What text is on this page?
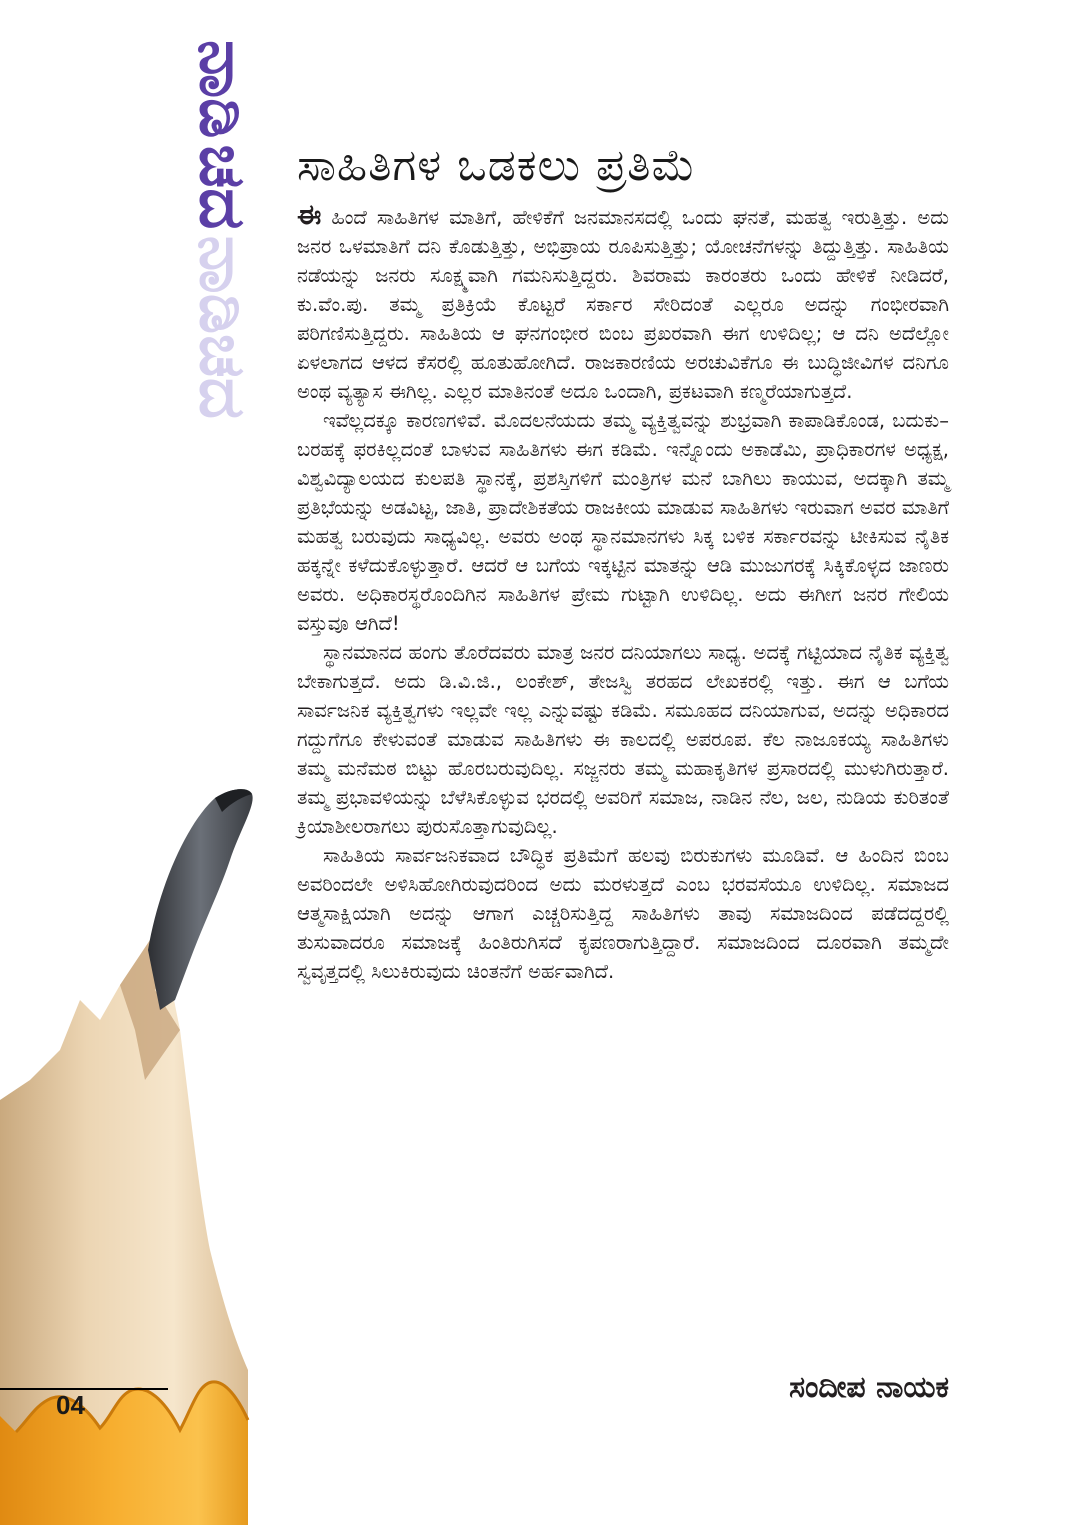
ನಾಡಿ
ಚದ
ನಾಡಿಚದ
04
ಸಾಹಿತಿಗಳ ಒಡಕಲು ಪ್ರತಿಮೆ

ಈ ಹಿಂದೆ ಸಾಹಿತಿಗಳ ಮಾತಿಗೆ, ಹೇಳಿಕೆಗೆ ಜನಮಾನಸದಲ್ಲಿ ಒಂದು ಘನತೆ, ಮಹತ್ವ ಇರುತ್ತಿತ್ತು. ಅದು ಜನರ ಒಳಮಾತಿಗೆ ದನಿ ಕೊಡುತ್ತಿತ್ತು, ಅಭಿಪ್ರಾಯ ರೂಪಿಸುತ್ತಿತ್ತು; ಯೋಚನೆಗಳನ್ನು ತಿದ್ದುತ್ತಿತ್ತು. ಸಾಹಿತಿಯ ನಡೆಯನ್ನು ಜನರು ಸೂಕ್ಷ್ಮವಾಗಿ ಗಮನಿಸುತ್ತಿದ್ದರು. ಶಿವರಾಮ ಕಾರಂತರು ಒಂದು ಹೇಳಿಕೆ ನೀಡಿದರೆ, ಕು.ವೆಂ.ಪು. ತಮ್ಮ ಪ್ರತಿಕ್ರಿಯೆ ಕೊಟ್ಟರೆ ಸರ್ಕಾರ ಸೇರಿದಂತೆ ಎಲ್ಲರೂ ಅದನ್ನು ಗಂಭೀರವಾಗಿ ಪರಿಗಣಿಸುತ್ತಿದ್ದರು. ಸಾಹಿತಿಯ ಆ ಘನಗಂಭೀರ ಬಿಂಬ ಪ್ರಖರವಾಗಿ ಈಗ ಉಳಿದಿಲ್ಲ; ಆ ದನಿ ಅದೆಲ್ಲೋ ಏಳಲಾಗದ ಆಳದ ಕೆಸರಲ್ಲಿ ಹೂತುಹೋಗಿದೆ. ರಾಜಕಾರಣಿಯ ಅರಚುವಿಕೆಗೂ ಈ ಬುದ್ಧಿಜೀವಿಗಳ ದನಿಗೂ ಅಂಥ ವ್ಯತ್ಯಾಸ ಈಗಿಲ್ಲ. ಎಲ್ಲರ ಮಾತಿನಂತೆ ಅದೂ ಒಂದಾಗಿ, ಪ್ರಕಟವಾಗಿ ಕಣ್ಮರೆಯಾಗುತ್ತದೆ.

ಇವೆಲ್ಲದಕ್ಕೂ ಕಾರಣಗಳಿವೆ. ಮೊದಲನೆಯದು ತಮ್ಮ ವ್ಯಕ್ತಿತ್ವವನ್ನು ಶುಭ್ರವಾಗಿ ಕಾಪಾಡಿಕೊಂಡ, ಬದುಕು–ಬರಹಕ್ಕೆ ಫರಕಿಲ್ಲದಂತೆ ಬಾಳುವ ಸಾಹಿತಿಗಳು ಈಗ ಕಡಿಮೆ. ಇನ್ನೊಂದು ಅಕಾಡೆಮಿ, ಪ್ರಾಧಿಕಾರಗಳ ಅಧ್ಯಕ್ಷ, ವಿಶ್ವವಿದ್ಯಾಲಯದ ಕುಲಪತಿ ಸ್ಥಾನಕ್ಕೆ, ಪ್ರಶಸ್ತಿಗಳಿಗೆ ಮಂತ್ರಿಗಳ ಮನೆ ಬಾಗಿಲು ಕಾಯುವ, ಅದಕ್ಕಾಗಿ ತಮ್ಮ ಪ್ರತಿಭೆಯನ್ನು ಅಡವಿಟ್ಟ, ಜಾತಿ, ಪ್ರಾದೇಶಿಕತೆಯ ರಾಜಕೀಯ ಮಾಡುವ ಸಾಹಿತಿಗಳು ಇರುವಾಗ ಅವರ ಮಾತಿಗೆ ಮಹತ್ವ ಬರುವುದು ಸಾಧ್ಯವಿಲ್ಲ. ಅವರು ಅಂಥ ಸ್ಥಾನಮಾನಗಳು ಸಿಕ್ಕ ಬಳಿಕ ಸರ್ಕಾರವನ್ನು ಟೀಕಿಸುವ ನೈತಿಕ ಹಕ್ಕನ್ನೇ ಕಳೆದುಕೊಳ್ಳುತ್ತಾರೆ. ಆದರೆ ಆ ಬಗೆಯ ಇಕ್ಕಟ್ಟಿನ ಮಾತನ್ನು ಆಡಿ ಮುಜುಗರಕ್ಕೆ ಸಿಕ್ಕಿಕೊಳ್ಳದ ಜಾಣರು ಅವರು. ಅಧಿಕಾರಸ್ಥರೊಂದಿಗಿನ ಸಾಹಿತಿಗಳ ಪ್ರೇಮ ಗುಟ್ಟಾಗಿ ಉಳಿದಿಲ್ಲ. ಅದು ಈಗೀಗ ಜನರ ಗೇಲಿಯ ವಸ್ತುವೂ ಆಗಿದೆ!

ಸ್ಥಾನಮಾನದ ಹಂಗು ತೊರೆದವರು ಮಾತ್ರ ಜನರ ದನಿಯಾಗಲು ಸಾಧ್ಯ. ಅದಕ್ಕೆ ಗಟ್ಟಿಯಾದ ನೈತಿಕ ವ್ಯಕ್ತಿತ್ವ ಬೇಕಾಗುತ್ತದೆ. ಅದು ಡಿ.ವಿ.ಜಿ., ಲಂಕೇಶ್, ತೇಜಸ್ವಿ ತರಹದ ಲೇಖಕರಲ್ಲಿ ಇತ್ತು. ಈಗ ಆ ಬಗೆಯ ಸಾರ್ವಜನಿಕ ವ್ಯಕ್ತಿತ್ವಗಳು ಇಲ್ಲವೇ ಇಲ್ಲ ಎನ್ನುವಷ್ಟು ಕಡಿಮೆ. ಸಮೂಹದ ದನಿಯಾಗುವ, ಅದನ್ನು ಅಧಿಕಾರದ ಗದ್ದುಗೆಗೂ ಕೇಳುವಂತೆ ಮಾಡುವ ಸಾಹಿತಿಗಳು ಈ ಕಾಲದಲ್ಲಿ ಅಪರೂಪ. ಕೆಲ ನಾಜೂಕಯ್ಯ ಸಾಹಿತಿಗಳು ತಮ್ಮ ಮನೆಮಠ ಬಿಟ್ಟು ಹೊರಬರುವುದಿಲ್ಲ. ಸಜ್ಜನರು ತಮ್ಮ ಮಹಾಕೃತಿಗಳ ಪ್ರಸಾರದಲ್ಲಿ ಮುಳುಗಿರುತ್ತಾರೆ. ತಮ್ಮ ಪ್ರಭಾವಳಿಯನ್ನು ಬೆಳೆಸಿಕೊಳ್ಳುವ ಭರದಲ್ಲಿ ಅವರಿಗೆ ಸಮಾಜ, ನಾಡಿನ ನೆಲ, ಜಲ, ನುಡಿಯ ಕುರಿತಂತೆ ಕ್ರಿಯಾಶೀಲರಾಗಲು ಪುರುಸೊತ್ತಾಗುವುದಿಲ್ಲ.

ಸಾಹಿತಿಯ ಸಾರ್ವಜನಿಕವಾದ ಬೌದ್ಧಿಕ ಪ್ರತಿಮೆಗೆ ಹಲವು ಬಿರುಕುಗಳು ಮೂಡಿವೆ. ಆ ಹಿಂದಿನ ಬಿಂಬ ಅವರಿಂದಲೇ ಅಳಿಸಿಹೋಗಿರುವುದರಿಂದ ಅದು ಮರಳುತ್ತದೆ ಎಂಬ ಭರವಸೆಯೂ ಉಳಿದಿಲ್ಲ. ಸಮಾಜದ ಆತ್ಮಸಾಕ್ಷಿಯಾಗಿ ಅದನ್ನು ಆಗಾಗ ಎಚ್ಚರಿಸುತ್ತಿದ್ದ ಸಾಹಿತಿಗಳು ತಾವು ಸಮಾಜದಿಂದ ಪಡೆದದ್ದರಲ್ಲಿ ತುಸುವಾದರೂ ಸಮಾಜಕ್ಕೆ ಹಿಂತಿರುಗಿಸದೆ ಕೃಪಣರಾಗುತ್ತಿದ್ದಾರೆ. ಸಮಾಜದಿಂದ ದೂರವಾಗಿ ತಮ್ಮದೇ ಸ್ವವೃತ್ತದಲ್ಲಿ ಸಿಲುಕಿರುವುದು ಚಿಂತನೆಗೆ ಅರ್ಹವಾಗಿದೆ.

ಸಂದೀಪ ನಾಯಕ
